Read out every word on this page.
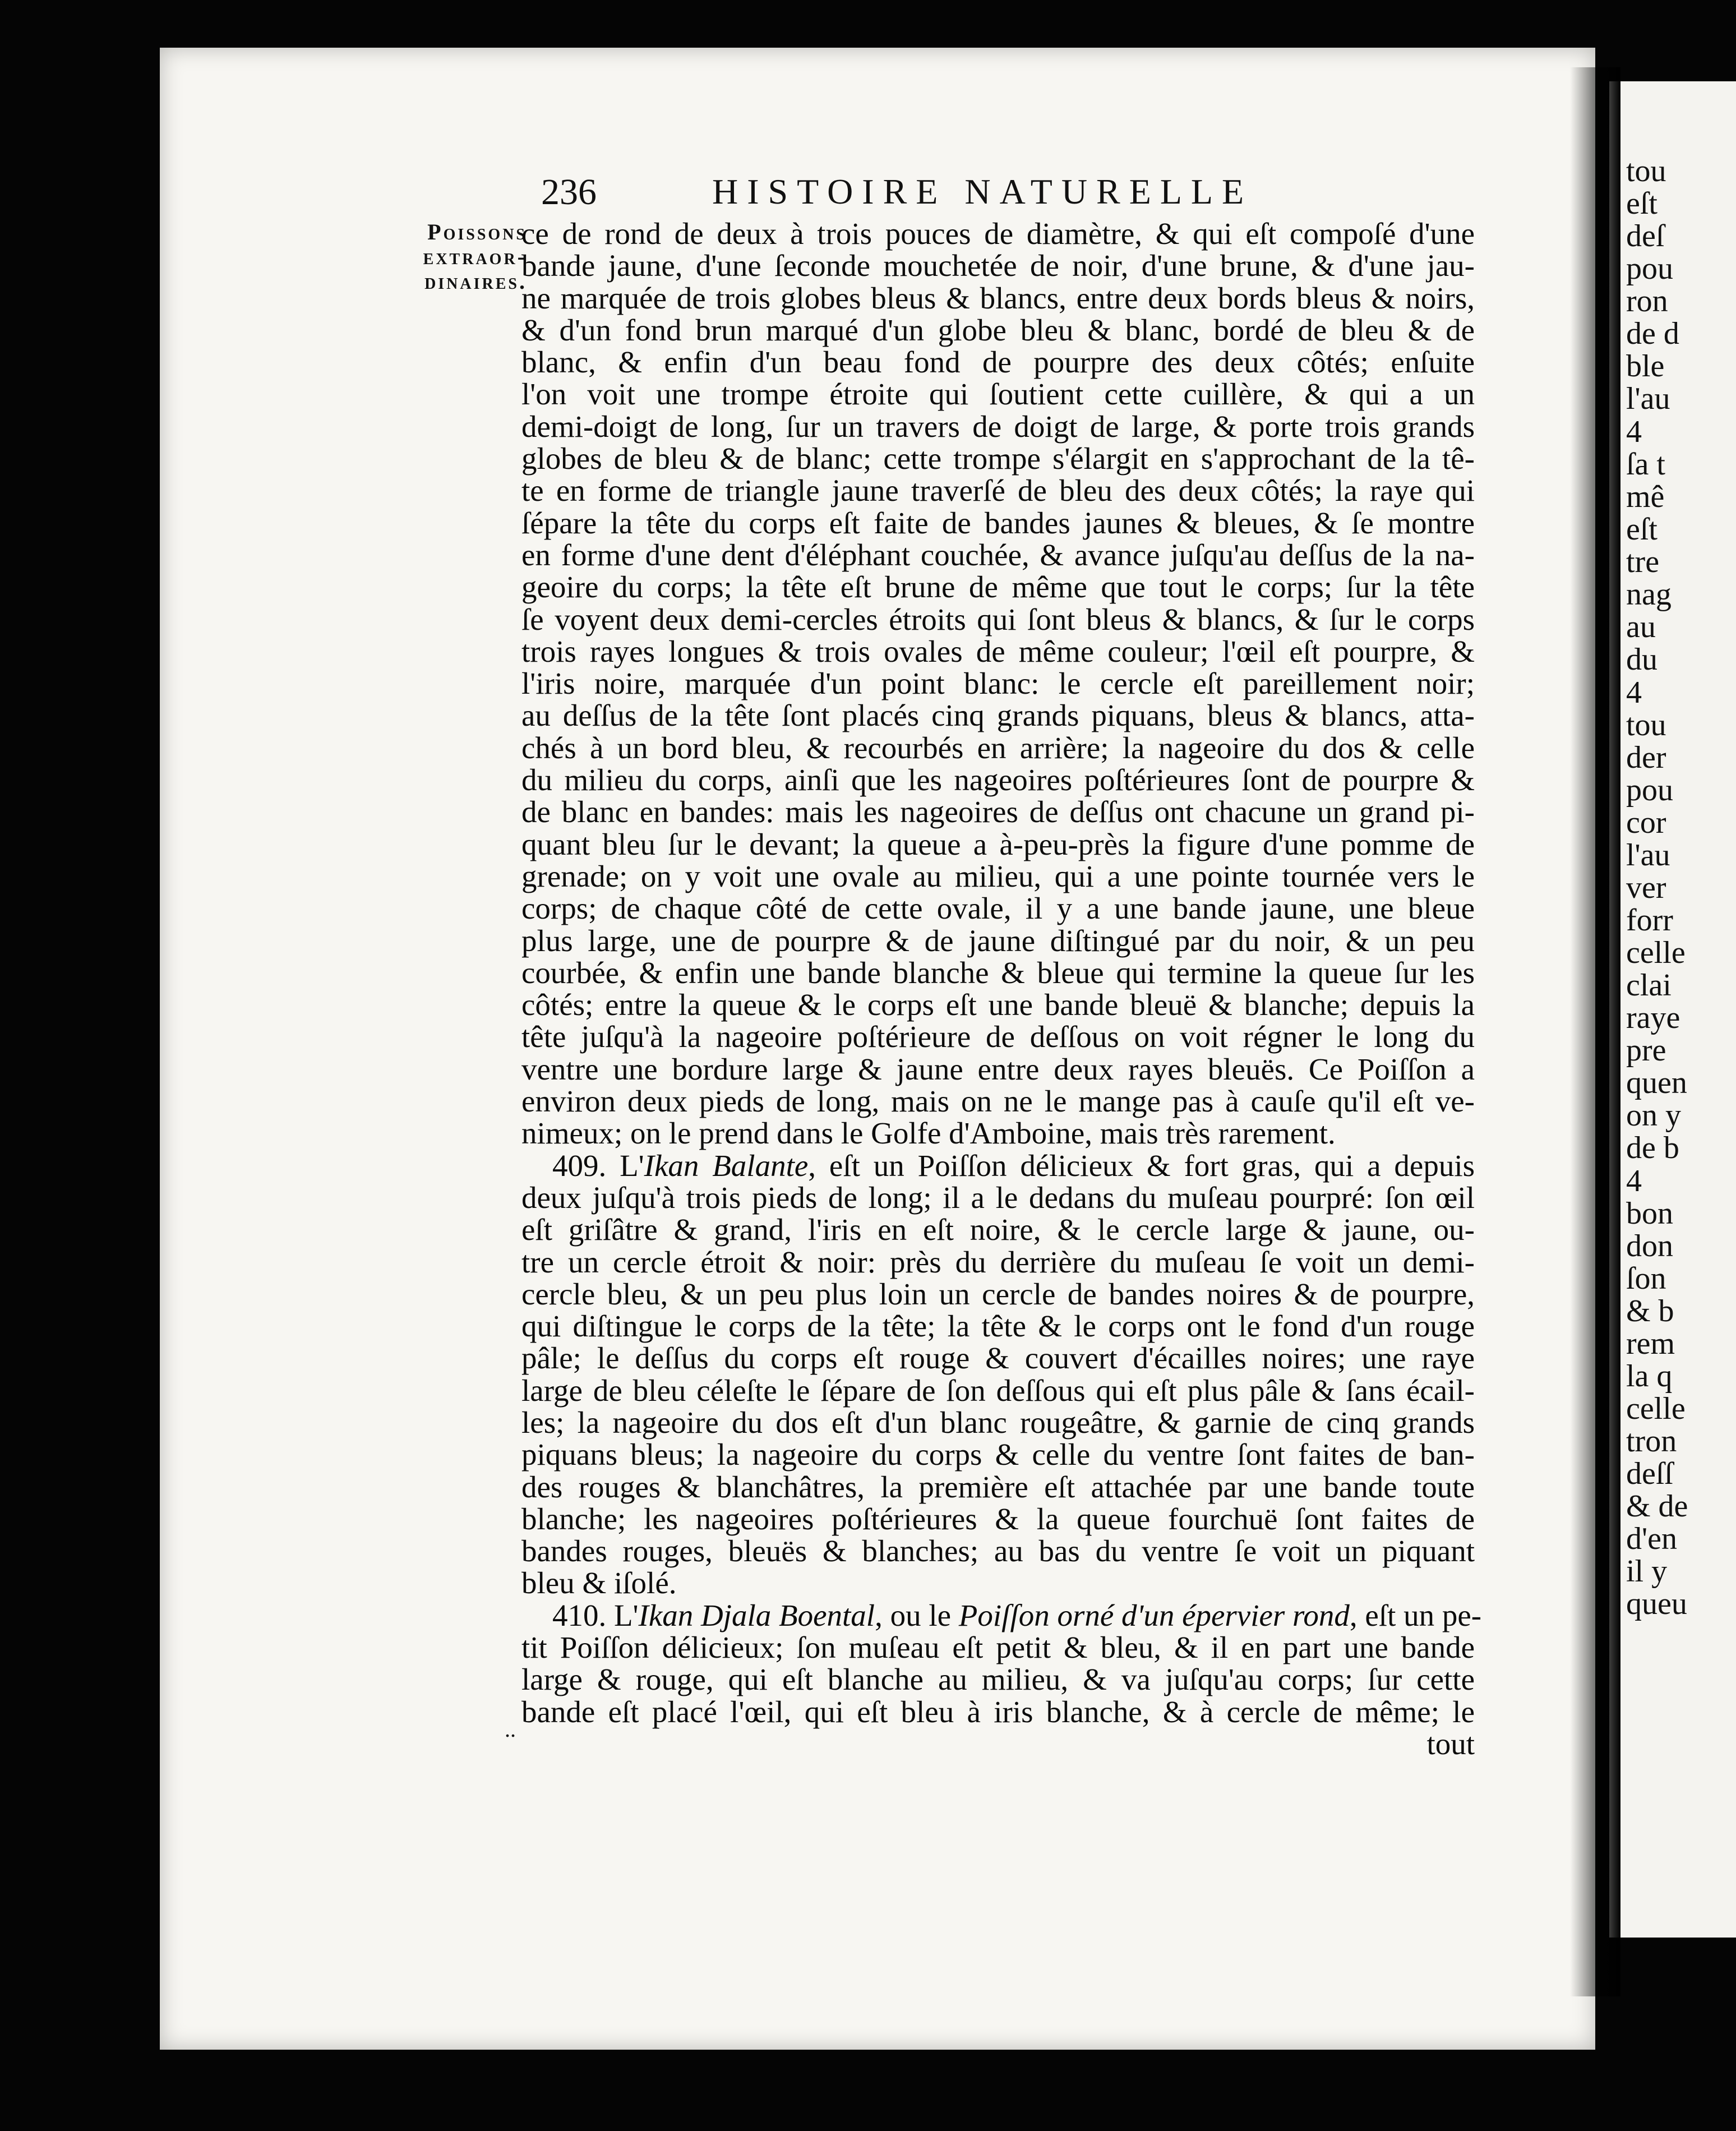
tou
eſt
deſ
pou
ron
de d
ble
l'au
4
ſa t
mê
eſt
tre
nag
au
du
4
tou
der
pou
cor
l'au
ver
forr
celle
clai
raye
pre
quen
on y
de b
4
bon
don
ſon
& b
rem
la q
celle
tron
deſſ
& de
d'en
il y
queu
236	HISTOIRE NATURELLE
Poissons
extraor-
dinaires.
ce de rond de deux à trois pouces de diamètre, & qui eſt compoſé d'une
bande jaune, d'une ſeconde mouchetée de noir, d'une brune, & d'une jau-
ne marquée de trois globes bleus & blancs, entre deux bords bleus & noirs,
& d'un fond brun marqué d'un globe bleu & blanc, bordé de bleu & de
blanc, & enfin d'un beau fond de pourpre des deux côtés; enſuite
l'on voit une trompe étroite qui ſoutient cette cuillère, & qui a un
demi-doigt de long, ſur un travers de doigt de large, & porte trois grands
globes de bleu & de blanc; cette trompe s'élargit en s'approchant de la tê-
te en forme de triangle jaune traverſé de bleu des deux côtés; la raye qui
ſépare la tête du corps eſt faite de bandes jaunes & bleues, & ſe montre
en forme d'une dent d'éléphant couchée, & avance juſqu'au deſſus de la na-
geoire du corps; la tête eſt brune de même que tout le corps; ſur la tête
ſe voyent deux demi-cercles étroits qui ſont bleus & blancs, & ſur le corps
trois rayes longues & trois ovales de même couleur; l'œil eſt pourpre, &
l'iris noire, marquée d'un point blanc: le cercle eſt pareillement noir;
au deſſus de la tête ſont placés cinq grands piquans, bleus & blancs, atta-
chés à un bord bleu, & recourbés en arrière; la nageoire du dos & celle
du milieu du corps, ainſi que les nageoires poſtérieures ſont de pourpre &
de blanc en bandes: mais les nageoires de deſſus ont chacune un grand pi-
quant bleu ſur le devant; la queue a à-peu-près la figure d'une pomme de
grenade; on y voit une ovale au milieu, qui a une pointe tournée vers le
corps; de chaque côté de cette ovale, il y a une bande jaune, une bleue
plus large, une de pourpre & de jaune diſtingué par du noir, & un peu
courbée, & enfin une bande blanche & bleue qui termine la queue ſur les
côtés; entre la queue & le corps eſt une bande bleuë & blanche; depuis la
tête juſqu'à la nageoire poſtérieure de deſſous on voit régner le long du
ventre une bordure large & jaune entre deux rayes bleuës. Ce Poiſſon a
environ deux pieds de long, mais on ne le mange pas à cauſe qu'il eſt ve-
nimeux; on le prend dans le Golfe d'Amboine, mais très rarement.
409. L'Ikan Balante, eſt un Poiſſon délicieux & fort gras, qui a depuis
deux juſqu'à trois pieds de long; il a le dedans du muſeau pourpré: ſon œil
eſt griſâtre & grand, l'iris en eſt noire, & le cercle large & jaune, ou-
tre un cercle étroit & noir: près du derrière du muſeau ſe voit un demi-
cercle bleu, & un peu plus loin un cercle de bandes noires & de pourpre,
qui diſtingue le corps de la tête; la tête & le corps ont le fond d'un rouge
pâle; le deſſus du corps eſt rouge & couvert d'écailles noires; une raye
large de bleu céleſte le ſépare de ſon deſſous qui eſt plus pâle & ſans écail-
les; la nageoire du dos eſt d'un blanc rougeâtre, & garnie de cinq grands
piquans bleus; la nageoire du corps & celle du ventre ſont faites de ban-
des rouges & blanchâtres, la première eſt attachée par une bande toute
blanche; les nageoires poſtérieures & la queue fourchuë ſont faites de
bandes rouges, bleuës & blanches; au bas du ventre ſe voit un piquant
bleu & iſolé.
410. L'Ikan Djala Boental, ou le Poiſſon orné d'un épervier rond, eſt un pe-
tit Poiſſon délicieux; ſon muſeau eſt petit & bleu, & il en part une bande
large & rouge, qui eſt blanche au milieu, & va juſqu'au corps; ſur cette
bande eſt placé l'œil, qui eſt bleu à iris blanche, & à cercle de même; le
tout
..
